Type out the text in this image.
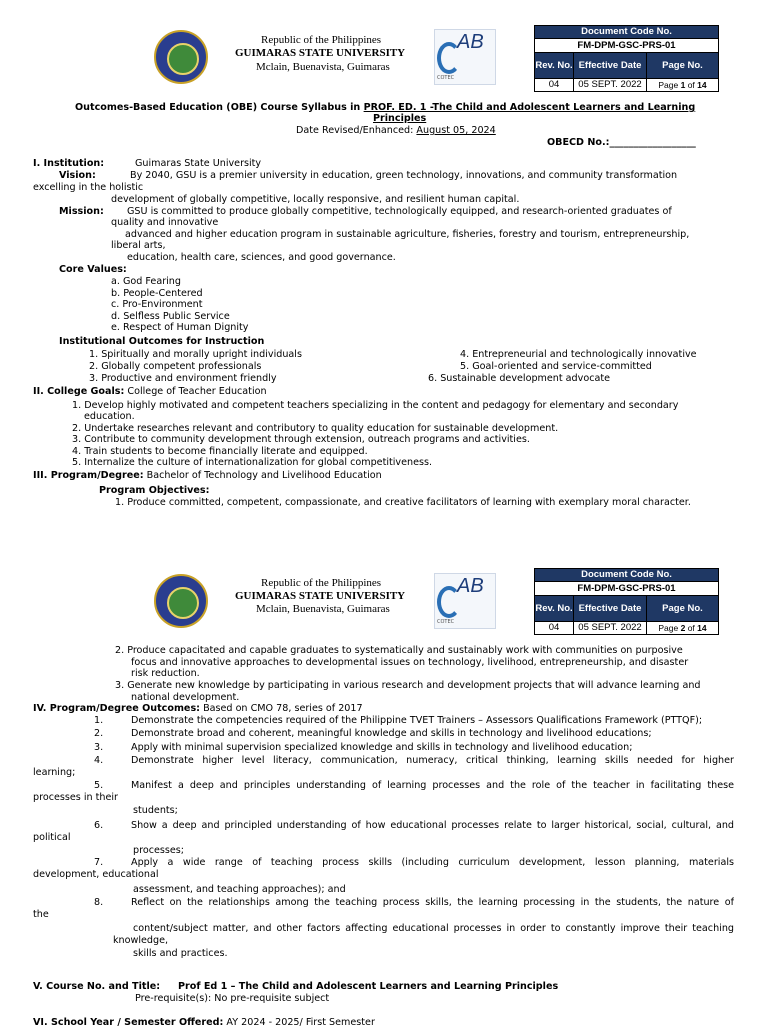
Republic of the Philippines
GUIMARAS STATE UNIVERSITY
Mclain, Buenavista, Guimaras
AB
COTEC
Document Code No.		
FM-DPM-GSC-PRS-01		
Rev. No.	Effective Date	Page No.
04	05 SEPT. 2022	Page 1 of 14
Outcomes-Based Education (OBE) Course Syllabus in PROF. ED. 1 -The Child and Adolescent Learners and Learning
Principles
Date Revised/Enhanced: August 05, 2024
OBECD No.:__________________
I. Institution:	Guimaras State University
Vision:	By 2040, GSU is a premier university in education, green technology, innovations, and community transformation
excelling in the holistic
development of globally competitive, locally responsive, and resilient human capital.
Mission: GSU is committed to produce globally competitive, technologically equipped, and research-oriented graduates of
quality and innovative
advanced and higher education program in sustainable agriculture, fisheries, forestry and tourism, entrepreneurship,
liberal arts,
education, health care, sciences, and good governance.
Core Values:
a. God Fearing
b. People-Centered
c. Pro-Environment
d. Selfless Public Service
e. Respect of Human Dignity
Institutional Outcomes for Instruction
1. Spiritually and morally upright individuals
2. Globally competent professionals
3. Productive and environment friendly
4. Entrepreneurial and technologically innovative
5. Goal-oriented and service-committed
6. Sustainable development advocate
II. College Goals: College of Teacher Education
1. Develop highly motivated and competent teachers specializing in the content and pedagogy for elementary and secondary
education.
2. Undertake researches relevant and contributory to quality education for sustainable development.
3. Contribute to community development through extension, outreach programs and activities.
4. Train students to become financially literate and equipped.
5. Internalize the culture of internationalization for global competitiveness.
III. Program/Degree: Bachelor of Technology and Livelihood Education
Program Objectives:
1. Produce committed, competent, compassionate, and creative facilitators of learning with exemplary moral character.
Republic of the Philippines
GUIMARAS STATE UNIVERSITY
Mclain, Buenavista, Guimaras
AB
COTEC
Document Code No.		
FM-DPM-GSC-PRS-01		
Rev. No.	Effective Date	Page No.
04	05 SEPT. 2022	Page 2 of 14
2. Produce capacitated and capable graduates to systematically and sustainably work with communities on purposive
focus and innovative approaches to developmental issues on technology, livelihood, entrepreneurship, and disaster
risk reduction.
3. Generate new knowledge by participating in various research and development projects that will advance learning and
national development.
IV. Program/Degree Outcomes: Based on CMO 78, series of 2017
1.	Demonstrate the competencies required of the Philippine TVET Trainers – Assessors Qualifications Framework (PTTQF);
2.	Demonstrate broad and coherent, meaningful knowledge and skills in technology and livelihood educations;
3.	Apply with minimal supervision specialized knowledge and skills in technology and livelihood education;
4.	Demonstrate higher level literacy, communication, numeracy, critical thinking, learning skills needed for higher
learning;
5.	Manifest a deep and principles understanding of learning processes and the role of the teacher in facilitating these
processes in their
students;
6.	Show a deep and principled understanding of how educational processes relate to larger historical, social, cultural, and
political
processes;
7.	Apply a wide range of teaching process skills (including curriculum development, lesson planning, materials
development, educational
assessment, and teaching approaches); and
8.	Reflect on the relationships among the teaching process skills, the learning processing in the students, the nature of
the
content/subject matter, and other factors affecting educational processes in order to constantly improve their teaching
knowledge,
skills and practices.
V. Course No. and Title: Prof Ed 1 – The Child and Adolescent Learners and Learning Principles
Pre-requisite(s): No pre-requisite subject
VI. School Year / Semester Offered: AY 2024 - 2025/ First Semester
